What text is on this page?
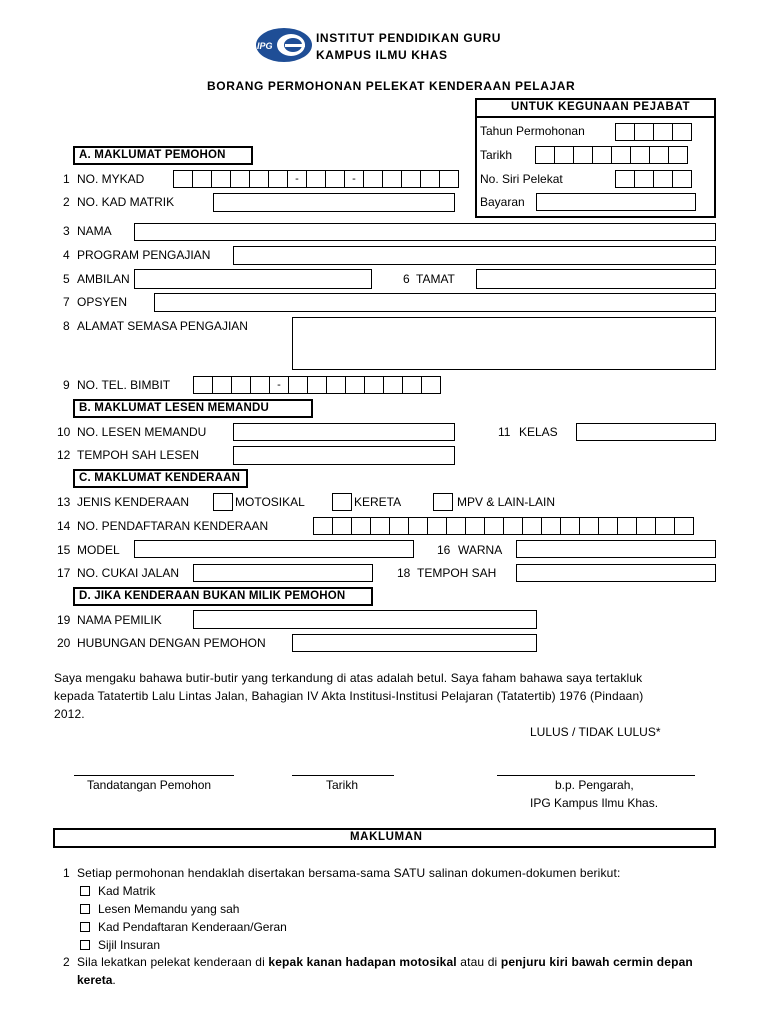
IPG
INSTITUT PENDIDIKAN GURU
KAMPUS ILMU KHAS
BORANG PERMOHONAN PELEKAT KENDERAAN PELAJAR
UNTUK KEGUNAAN PEJABAT
Tahun Permohonan
Tarikh
No. Siri Pelekat
Bayaran
A. MAKLUMAT PEMOHON
1 NO. MYKAD	-	-
2 NO. KAD MATRIK
3 NAMA
4 PROGRAM PENGAJIAN
5 AMBILAN	6 TAMAT
7 OPSYEN
8 ALAMAT SEMASA PENGAJIAN
9 NO. TEL. BIMBIT	-
B. MAKLUMAT LESEN MEMANDU
10 NO. LESEN MEMANDU	11 KELAS
12 TEMPOH SAH LESEN
C. MAKLUMAT KENDERAAN
13 JENIS KENDERAAN	MOTOSIKAL	KERETA	MPV & LAIN-LAIN
14 NO. PENDAFTARAN KENDERAAN
15 MODEL	16 WARNA
17 NO. CUKAI JALAN	18 TEMPOH SAH
D. JIKA KENDERAAN BUKAN MILIK PEMOHON
19 NAMA PEMILIK
20 HUBUNGAN DENGAN PEMOHON
Saya mengaku bahawa butir-butir yang terkandung di atas adalah betul. Saya faham bahawa saya tertakluk
kepada Tatatertib Lalu Lintas Jalan, Bahagian IV Akta Institusi-Institusi Pelajaran (Tatatertib) 1976 (Pindaan)
2012.
LULUS / TIDAK LULUS*
Tandatangan Pemohon	Tarikh	b.p. Pengarah,
IPG Kampus Ilmu Khas.
MAKLUMAN
1 Setiap permohonan hendaklah disertakan bersama-sama SATU salinan dokumen-dokumen berikut:
Kad Matrik
Lesen Memandu yang sah
Kad Pendaftaran Kenderaan/Geran
Sijil Insuran
2 Sila lekatkan pelekat kenderaan di kepak kanan hadapan motosikal atau di penjuru kiri bawah cermin depan
kereta.
